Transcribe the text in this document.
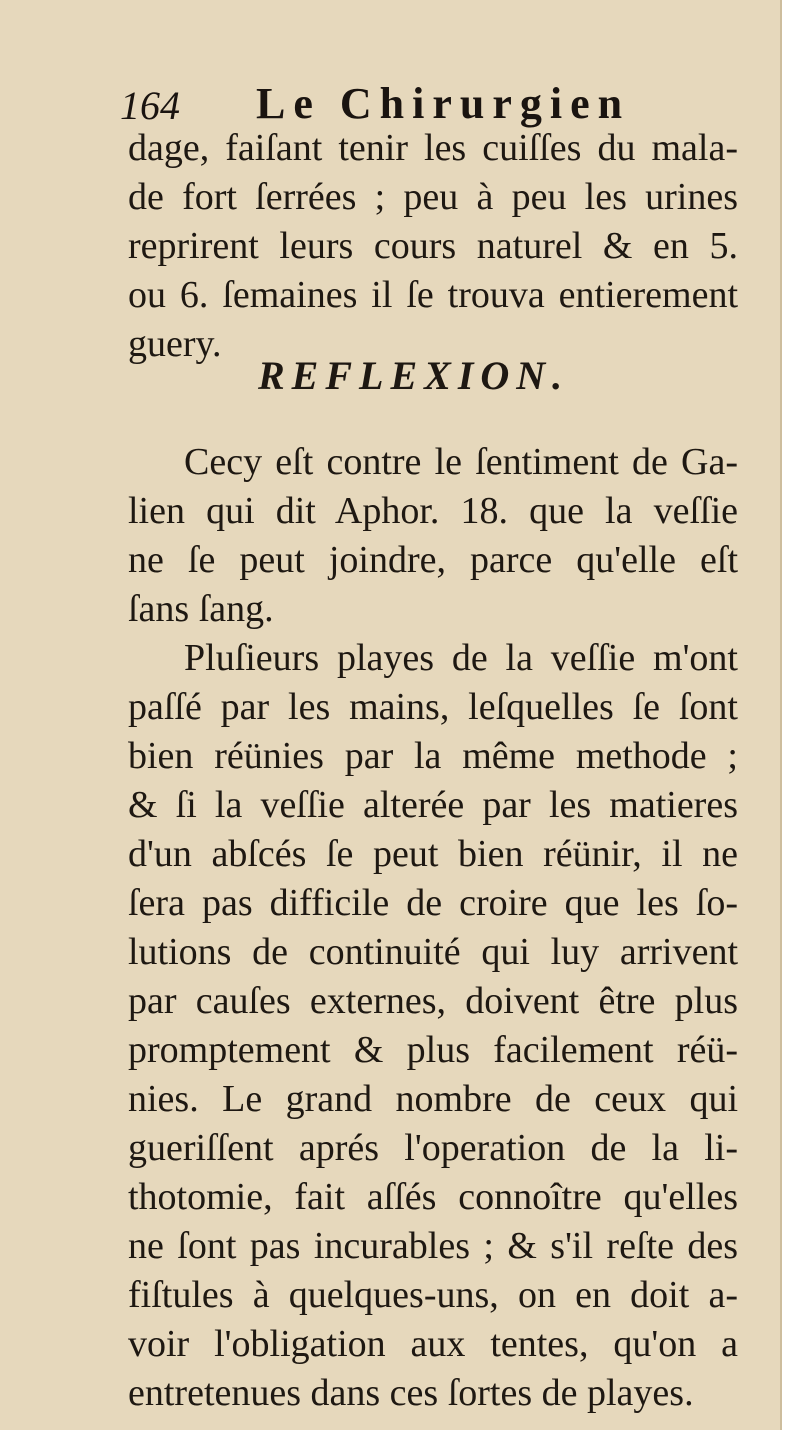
164 Le Chirurgien
dage, faiſant tenir les cuiſſes du mala-
de fort ſerrées ; peu à peu les urines
reprirent leurs cours naturel & en 5.
ou 6. ſemaines il ſe trouva entierement
guery.
REFLEXION.
Cecy eſt contre le ſentiment de Ga-
lien qui dit Aphor. 18. que la veſſie
ne ſe peut joindre, parce qu'elle eſt
ſans ſang.
Pluſieurs playes de la veſſie m'ont
paſſé par les mains, leſquelles ſe ſont
bien réünies par la même methode ;
& ſi la veſſie alterée par les matieres
d'un abſcés ſe peut bien réünir, il ne
ſera pas difficile de croire que les ſo-
lutions de continuité qui luy arrivent
par cauſes externes, doivent être plus
promptement & plus facilement réü-
nies. Le grand nombre de ceux qui
gueriſſent aprés l'operation de la li-
thotomie, fait aſſés connoître qu'elles
ne ſont pas incurables ; & s'il reſte des
fiſtules à quelques-uns, on en doit a-
voir l'obligation aux tentes, qu'on a
entretenues dans ces ſortes de playes.
